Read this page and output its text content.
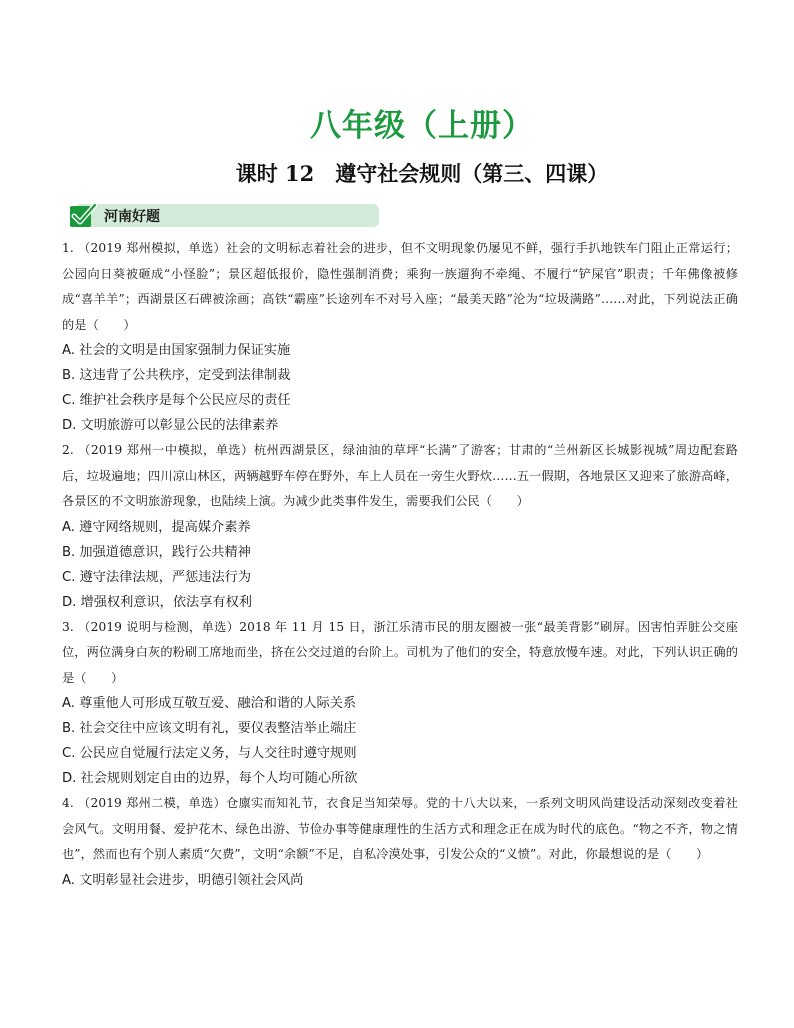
八年级（上册）
课时 12　遵守社会规则（第三、四课）
河南好题

1. （2019 郑州模拟，单选）社会的文明标志着社会的进步，但不文明现象仍屡见不鲜，强行手扒地铁车门阻止正常运行；公园向日葵被砸成“小怪脸”；景区超低报价，隐性强制消费；乘狗一族遛狗不牵绳、不履行“铲屎官”职责；千年佛像被修成“喜羊羊”；西湖景区石碑被涂画；高铁“霸座”长途列车不对号入座；“最美天路”沦为“垃圾满路”……对此，下列说法正确的是（　　）

A. 社会的文明是由国家强制力保证实施

B. 这违背了公共秩序，定受到法律制裁

C. 维护社会秩序是每个公民应尽的责任

D. 文明旅游可以彰显公民的法律素养

2. （2019 郑州一中模拟，单选）杭州西湖景区，绿油油的草坪“长满”了游客；甘肃的“兰州新区长城影视城”周边配套路后，垃圾遍地；四川凉山林区，两辆越野车停在野外，车上人员在一旁生火野炊……五一假期，各地景区又迎来了旅游高峰，各景区的不文明旅游现象，也陆续上演。为减少此类事件发生，需要我们公民（　　）

A. 遵守网络规则，提高媒介素养

B. 加强道德意识，践行公共精神

C. 遵守法律法规，严惩违法行为

D. 增强权利意识，依法享有权利

3. （2019 说明与检测，单选）2018 年 11 月 15 日，浙江乐清市民的朋友圈被一张“最美背影”刷屏。因害怕弄脏公交座位，两位满身白灰的粉刷工席地而坐，挤在公交过道的台阶上。司机为了他们的安全，特意放慢车速。对此，下列认识正确的是（　　）

A. 尊重他人可形成互敬互爱、融洽和谐的人际关系

B. 社会交往中应该文明有礼，要仪表整洁举止端庄

C. 公民应自觉履行法定义务，与人交往时遵守规则

D. 社会规则划定自由的边界，每个人均可随心所欲

4. （2019 郑州二模，单选）仓廪实而知礼节，衣食足当知荣辱。党的十八大以来，一系列文明风尚建设活动深刻改变着社会风气。文明用餐、爱护花木、绿色出游、节俭办事等健康理性的生活方式和理念正在成为时代的底色。“物之不齐，物之情也”，然而也有个别人素质“欠费”，文明“余额”不足，自私冷漠处事，引发公众的“义愤”。对此，你最想说的是（　　）

A. 文明彰显社会进步，明德引领社会风尚
